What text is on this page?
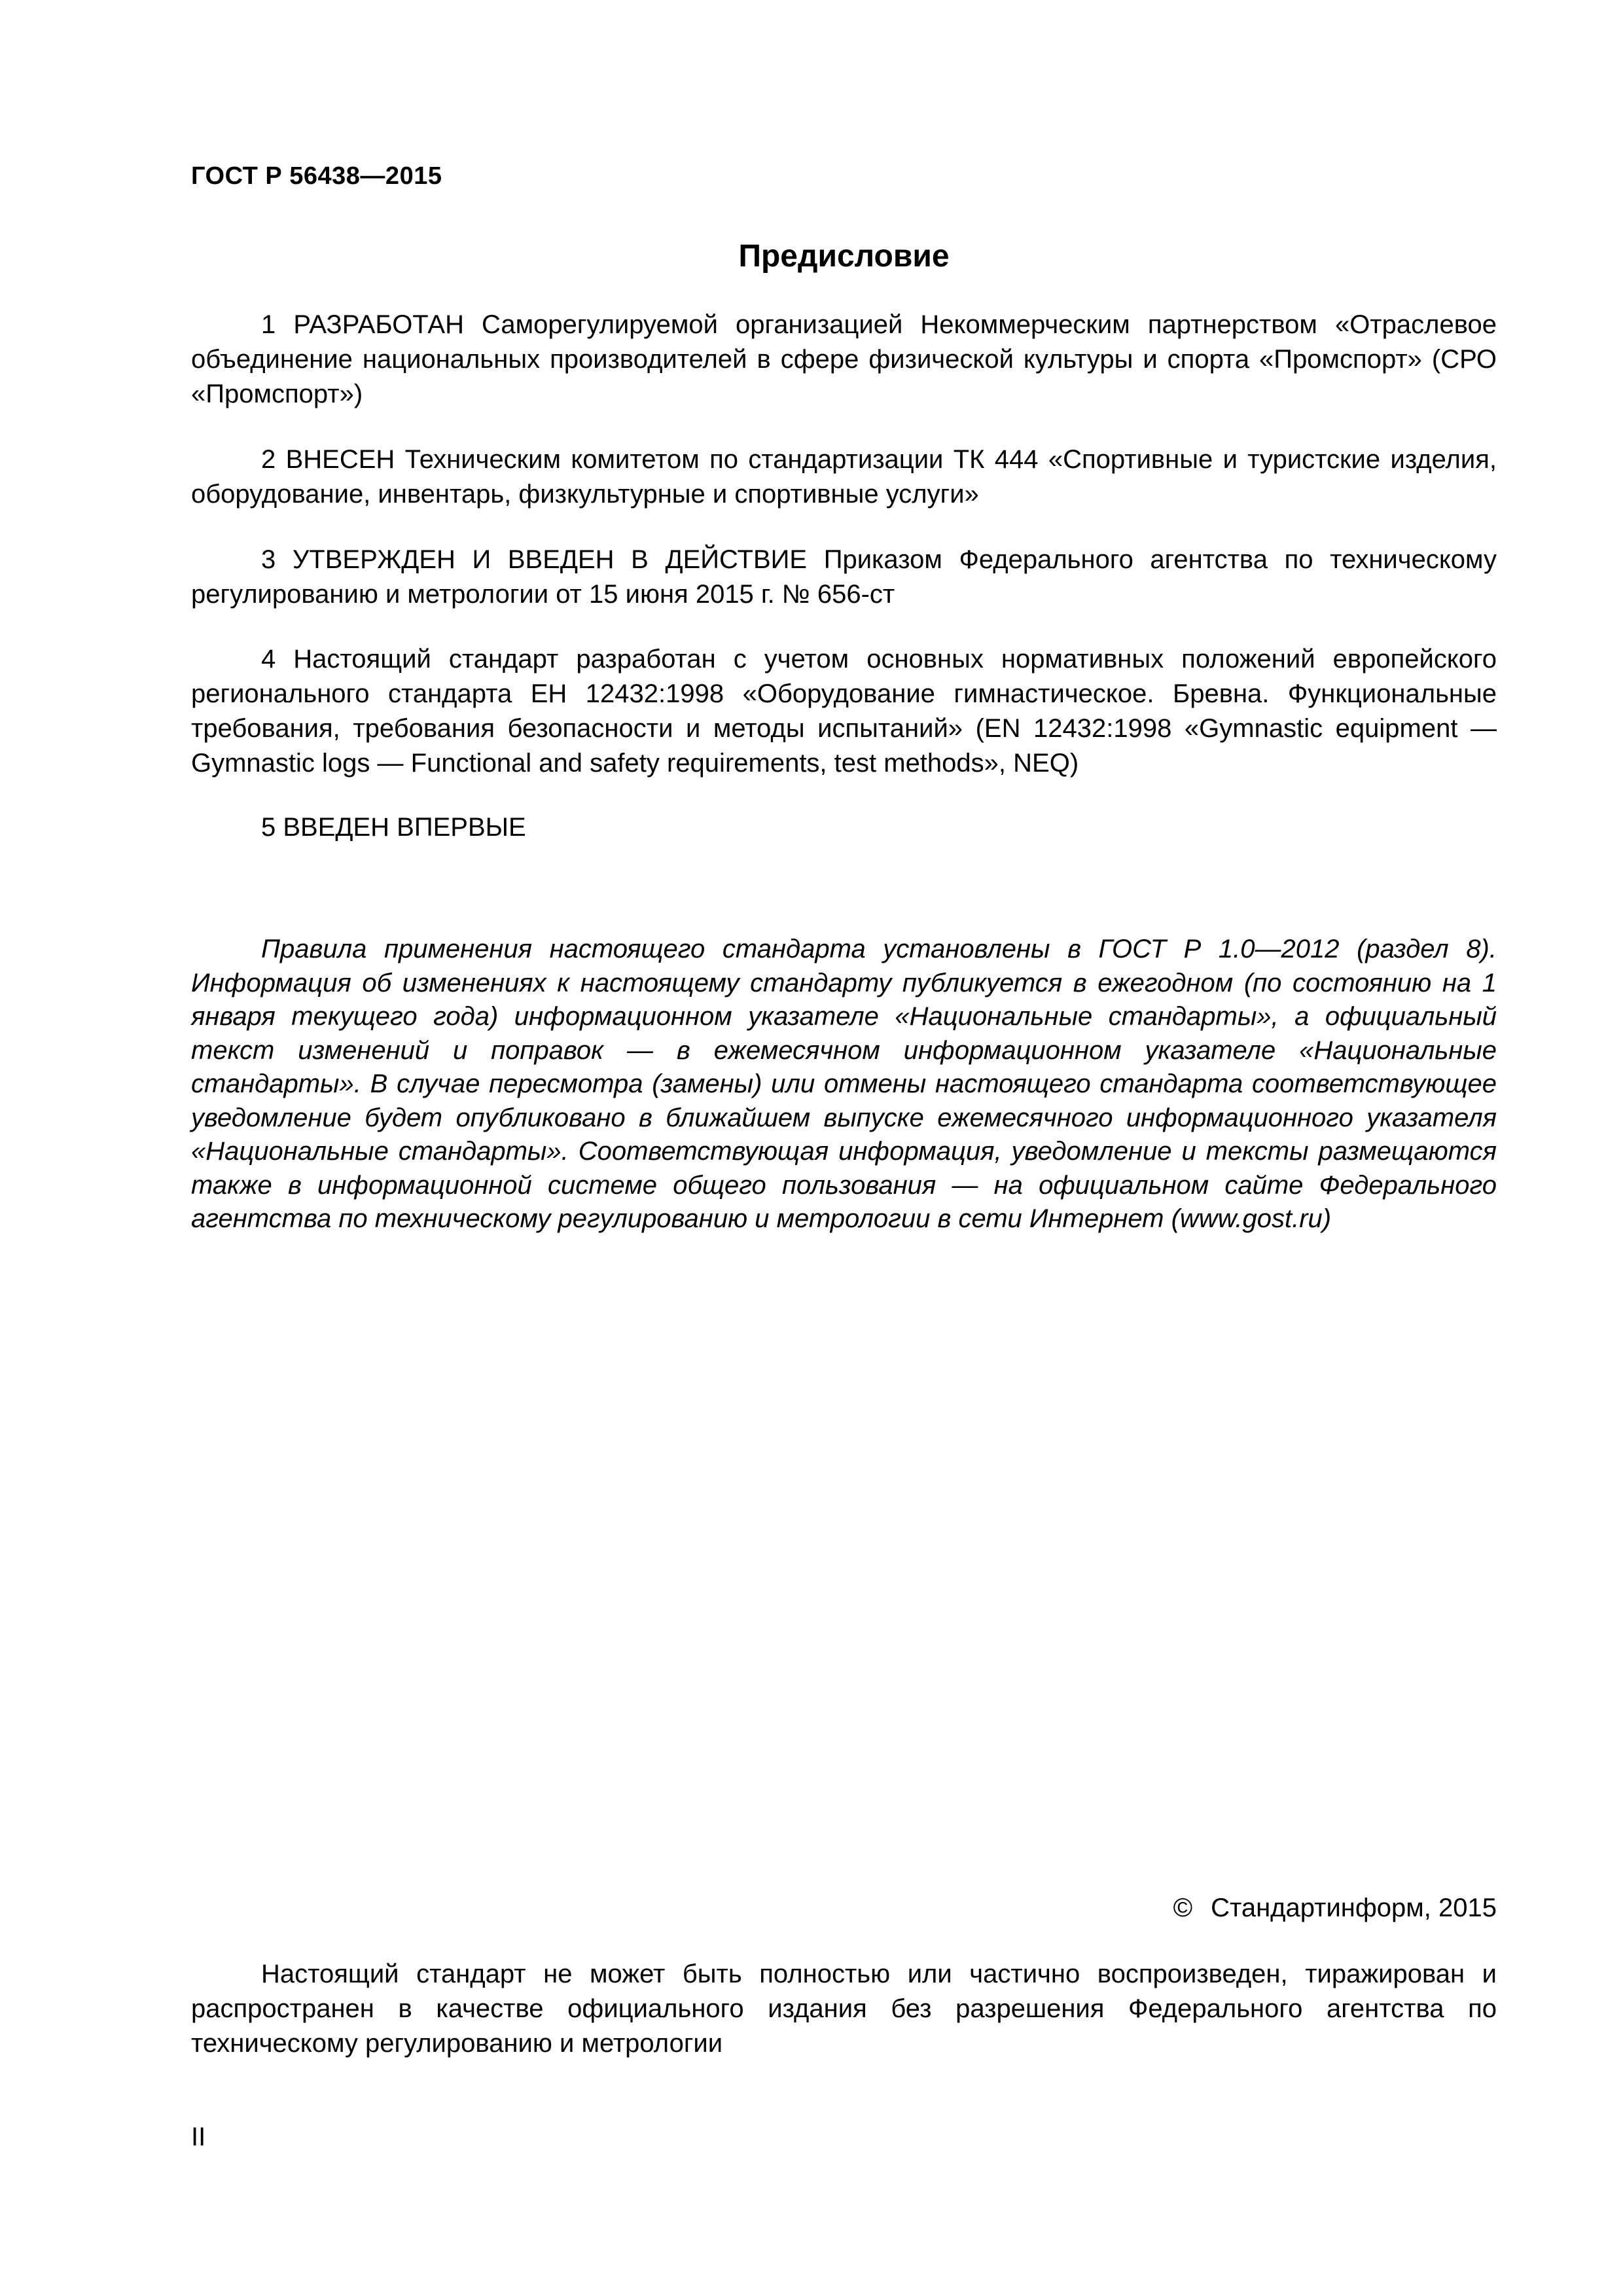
ГОСТ Р 56438—2015
Предисловие

1 РАЗРАБОТАН Саморегулируемой организацией Некоммерческим партнерством «Отраслевое объединение национальных производителей в сфере физической культуры и спорта «Промспорт» (СРО «Промспорт»)

2 ВНЕСЕН Техническим комитетом по стандартизации ТК 444 «Спортивные и туристские изделия, оборудование, инвентарь, физкультурные и спортивные услуги»

3 УТВЕРЖДЕН И ВВЕДЕН В ДЕЙСТВИЕ Приказом Федерального агентства по техническому регулированию и метрологии от 15 июня 2015 г. № 656-ст

4 Настоящий стандарт разработан с учетом основных нормативных положений европейского регионального стандарта ЕН 12432:1998 «Оборудование гимнастическое. Бревна. Функциональные требования, требования безопасности и методы испытаний» (EN 12432:1998 «Gymnastic equipment — Gymnastic logs — Functional and safety requirements, test methods», NEQ)

5 ВВЕДЕН ВПЕРВЫЕ

Правила применения настоящего стандарта установлены в ГОСТ Р 1.0—2012 (раздел 8). Информация об изменениях к настоящему стандарту публикуется в ежегодном (по состоянию на 1 января текущего года) информационном указателе «Национальные стандарты», а официальный текст изменений и поправок — в ежемесячном информационном указателе «Национальные стандарты». В случае пересмотра (замены) или отмены настоящего стандарта соответствующее уведомление будет опубликовано в ближайшем выпуске ежемесячного информационного указателя «Национальные стандарты». Соответствующая информация, уведомление и тексты размещаются также в информационной системе общего пользования — на официальном сайте Федерального агентства по техническому регулированию и метрологии в сети Интернет (www.gost.ru)

© Стандартинформ, 2015

Настоящий стандарт не может быть полностью или частично воспроизведен, тиражирован и распространен в качестве официального издания без разрешения Федерального агентства по техническому регулированию и метрологии

II
